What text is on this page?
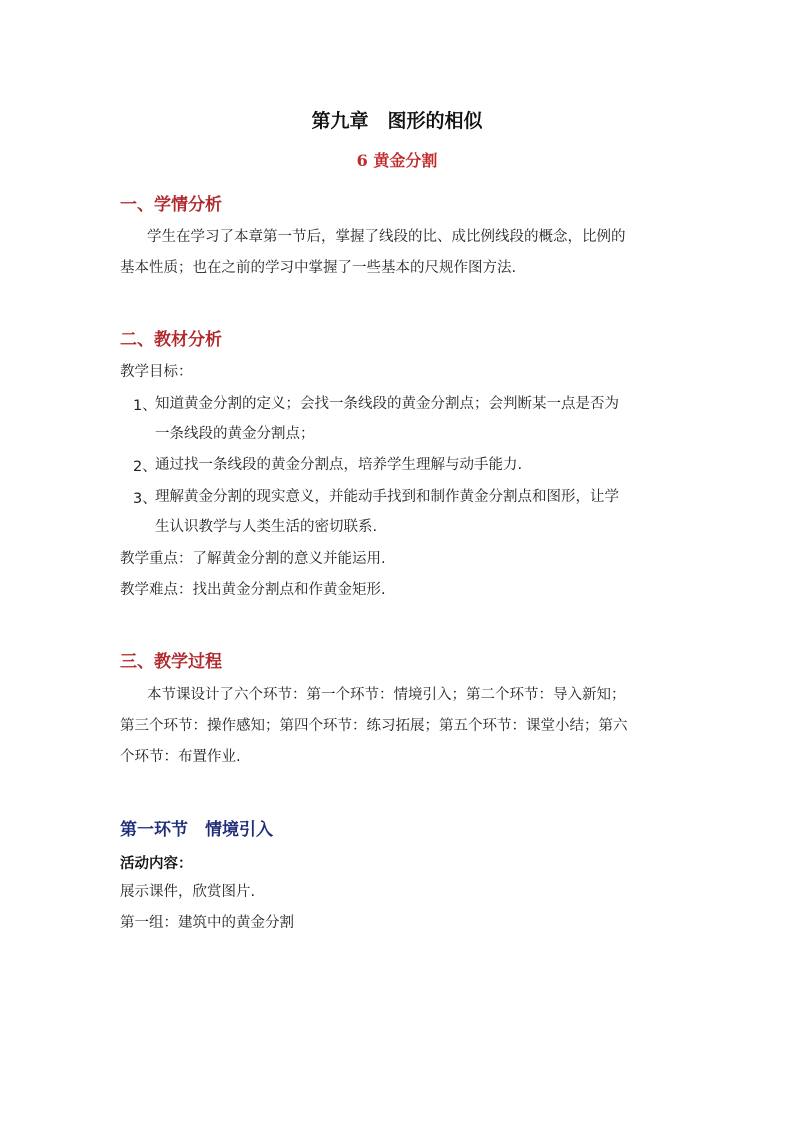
第九章　图形的相似
6 黄金分割
一、学情分析

学生在学习了本章第一节后，掌握了线段的比、成比例线段的概念，比例的

基本性质；也在之前的学习中掌握了一些基本的尺规作图方法.

二、教材分析

教学目标：

1、

知道黄金分割的定义；会找一条线段的黄金分割点；会判断某一点是否为

一条线段的黄金分割点；

2、

通过找一条线段的黄金分割点，培养学生理解与动手能力.

3、

理解黄金分割的现实意义，并能动手找到和制作黄金分割点和图形，让学

生认识教学与人类生活的密切联系.

教学重点：了解黄金分割的意义并能运用.

教学难点：找出黄金分割点和作黄金矩形.

三、教学过程

本节课设计了六个环节：第一个环节：情境引入；第二个环节：导入新知；

第三个环节：操作感知；第四个环节：练习拓展；第五个环节：课堂小结；第六

个环节：布置作业.

第一环节　情境引入

活动内容：

展示课件，欣赏图片.

第一组：建筑中的黄金分割
